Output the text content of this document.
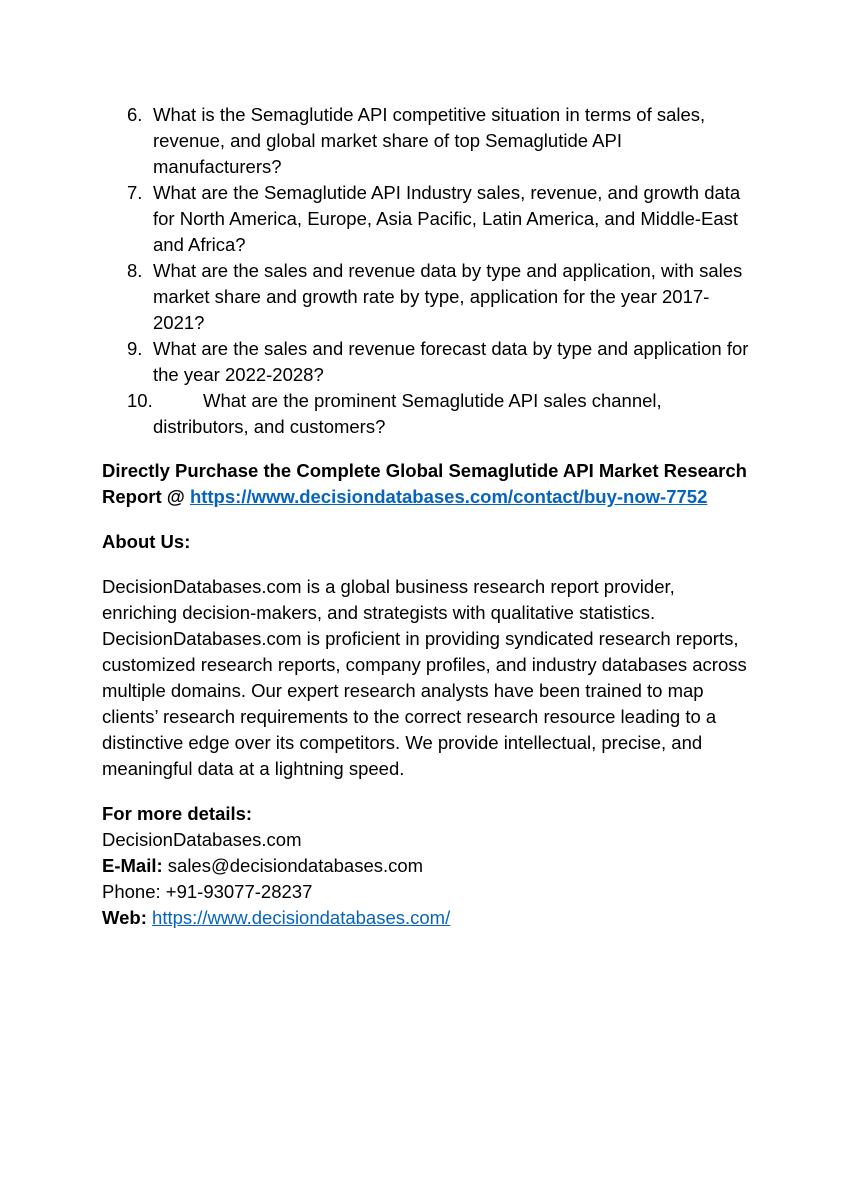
6. What is the Semaglutide API competitive situation in terms of sales, revenue, and global market share of top Semaglutide API manufacturers?
7. What are the Semaglutide API Industry sales, revenue, and growth data for North America, Europe, Asia Pacific, Latin America, and Middle-East and Africa?
8. What are the sales and revenue data by type and application, with sales market share and growth rate by type, application for the year 2017-2021?
9. What are the sales and revenue forecast data by type and application for the year 2022-2028?
10.	What are the prominent Semaglutide API sales channel, distributors, and customers?

Directly Purchase the Complete Global Semaglutide API Market Research Report @ https://www.decisiondatabases.com/contact/buy-now-7752

About Us:

DecisionDatabases.com is a global business research report provider, enriching decision-makers, and strategists with qualitative statistics. DecisionDatabases.com is proficient in providing syndicated research reports, customized research reports, company profiles, and industry databases across multiple domains. Our expert research analysts have been trained to map clients’ research requirements to the correct research resource leading to a distinctive edge over its competitors. We provide intellectual, precise, and meaningful data at a lightning speed.

For more details:

DecisionDatabases.com

E-Mail: sales@decisiondatabases.com

Phone: +91-93077-28237

Web: https://www.decisiondatabases.com/
